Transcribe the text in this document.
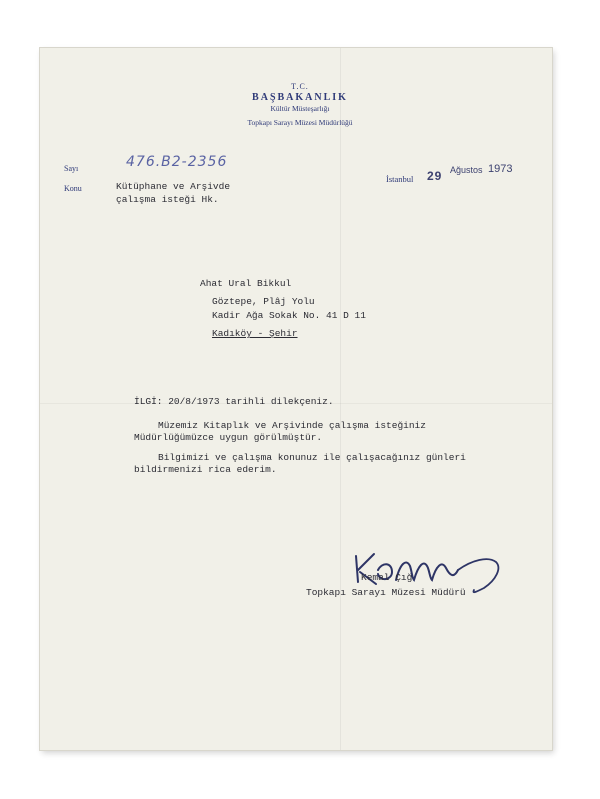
T.C.
BAŞBAKANLIK
Kültür Müsteşarlığı
Topkapı Sarayı Müzesi Müdürlüğü
Sayı	476.B2-2356
İstanbul 29 Ağustos 1973
Konu	Kütüphane ve Arşivde
çalışma isteği Hk.
Ahat Ural Bikkul
Göztepe, Plâj Yolu
Kadir Ağa Sokak No. 41 D 11
Kadıköy - Şehir
İLGİ: 20/8/1973 tarihli dilekçeniz.
Müzemiz Kitaplık ve Arşivinde çalışma isteğiniz
Müdürlüğümüzce uygun görülmüştür.
Bilgimizi ve çalışma konunuz ile çalışacağınız günleri
bildirmenizi rica ederim.
Kemal Çığ
Topkapı Sarayı Müzesi Müdürü
